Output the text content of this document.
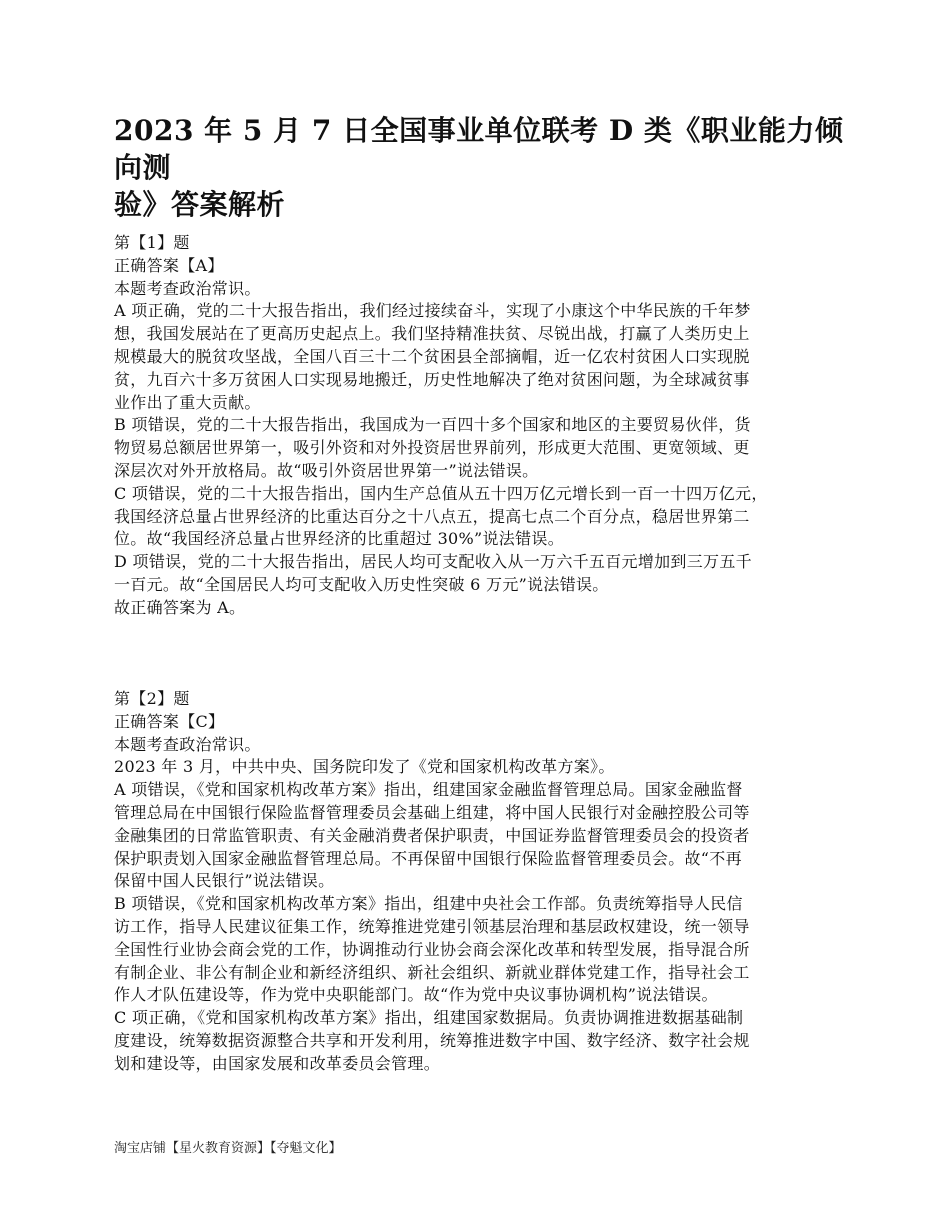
2023 年 5 月 7 日全国事业单位联考 D 类《职业能力倾向测
验》答案解析
第【1】题
正确答案【A】
本题考查政治常识。
A 项正确，党的二十大报告指出，我们经过接续奋斗，实现了小康这个中华民族的千年梦
想，我国发展站在了更高历史起点上。我们坚持精准扶贫、尽锐出战，打赢了人类历史上
规模最大的脱贫攻坚战，全国八百三十二个贫困县全部摘帽，近一亿农村贫困人口实现脱
贫，九百六十多万贫困人口实现易地搬迁，历史性地解决了绝对贫困问题，为全球减贫事
业作出了重大贡献。
B 项错误，党的二十大报告指出，我国成为一百四十多个国家和地区的主要贸易伙伴，货
物贸易总额居世界第一，吸引外资和对外投资居世界前列，形成更大范围、更宽领域、更
深层次对外开放格局。故“吸引外资居世界第一”说法错误。
C 项错误，党的二十大报告指出，国内生产总值从五十四万亿元增长到一百一十四万亿元，
我国经济总量占世界经济的比重达百分之十八点五，提高七点二个百分点，稳居世界第二
位。故“我国经济总量占世界经济的比重超过 30%”说法错误。
D 项错误，党的二十大报告指出，居民人均可支配收入从一万六千五百元增加到三万五千
一百元。故“全国居民人均可支配收入历史性突破 6 万元”说法错误。
故正确答案为 A。
第【2】题
正确答案【C】
本题考查政治常识。
2023 年 3 月，中共中央、国务院印发了《党和国家机构改革方案》。
A 项错误，《党和国家机构改革方案》指出，组建国家金融监督管理总局。国家金融监督
管理总局在中国银行保险监督管理委员会基础上组建，将中国人民银行对金融控股公司等
金融集团的日常监管职责、有关金融消费者保护职责，中国证券监督管理委员会的投资者
保护职责划入国家金融监督管理总局。不再保留中国银行保险监督管理委员会。故“不再
保留中国人民银行”说法错误。
B 项错误，《党和国家机构改革方案》指出，组建中央社会工作部。负责统筹指导人民信
访工作，指导人民建议征集工作，统筹推进党建引领基层治理和基层政权建设，统一领导
全国性行业协会商会党的工作，协调推动行业协会商会深化改革和转型发展，指导混合所
有制企业、非公有制企业和新经济组织、新社会组织、新就业群体党建工作，指导社会工
作人才队伍建设等，作为党中央职能部门。故“作为党中央议事协调机构”说法错误。
C 项正确，《党和国家机构改革方案》指出，组建国家数据局。负责协调推进数据基础制
度建设，统筹数据资源整合共享和开发利用，统筹推进数字中国、数字经济、数字社会规
划和建设等，由国家发展和改革委员会管理。
淘宝店铺【星火教育资源】【夺魁文化】
